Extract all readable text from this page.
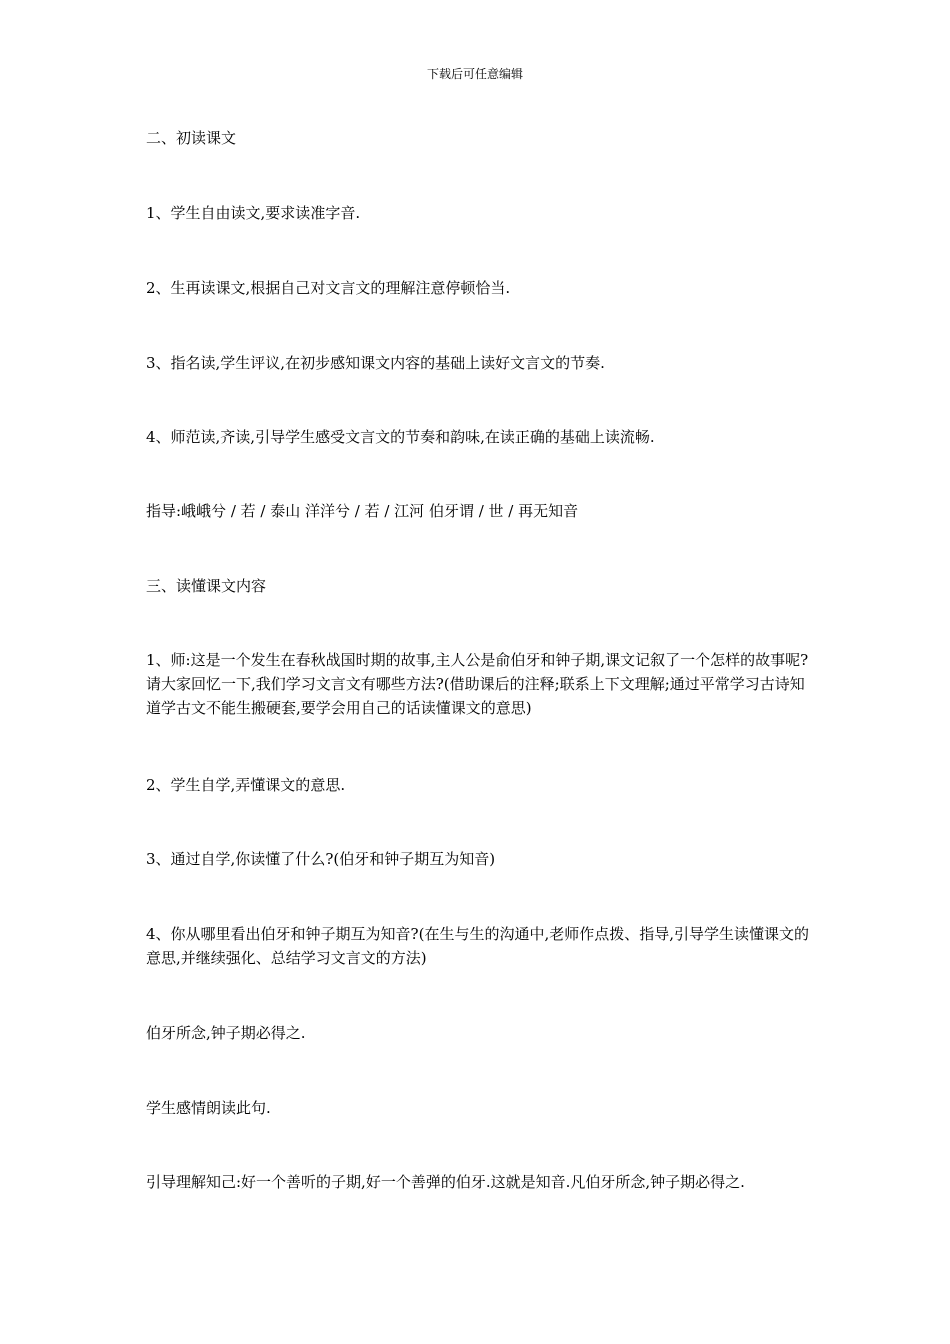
下载后可任意编辑
二、初读课文
1、学生自由读文,要求读准字音.
2、生再读课文,根据自己对文言文的理解注意停顿恰当.
3、指名读,学生评议,在初步感知课文内容的基础上读好文言文的节奏.
4、师范读,齐读,引导学生感受文言文的节奏和韵味,在读正确的基础上读流畅.
指导:峨峨兮 / 若 / 泰山 洋洋兮 / 若 / 江河 伯牙谓 / 世 / 再无知音
三、读懂课文内容
1、师:这是一个发生在春秋战国时期的故事,主人公是俞伯牙和钟子期,课文记叙了一个怎样的故事呢?请大家回忆一下,我们学习文言文有哪些方法?(借助课后的注释;联系上下文理解;通过平常学习古诗知道学古文不能生搬硬套,要学会用自己的话读懂课文的意思)
2、学生自学,弄懂课文的意思.
3、通过自学,你读懂了什么?(伯牙和钟子期互为知音)
4、你从哪里看出伯牙和钟子期互为知音?(在生与生的沟通中,老师作点拨、指导,引导学生读懂课文的意思,并继续强化、总结学习文言文的方法)
伯牙所念,钟子期必得之.
学生感情朗读此句.
引导理解知己:好一个善听的子期,好一个善弹的伯牙.这就是知音.凡伯牙所念,钟子期必得之.
